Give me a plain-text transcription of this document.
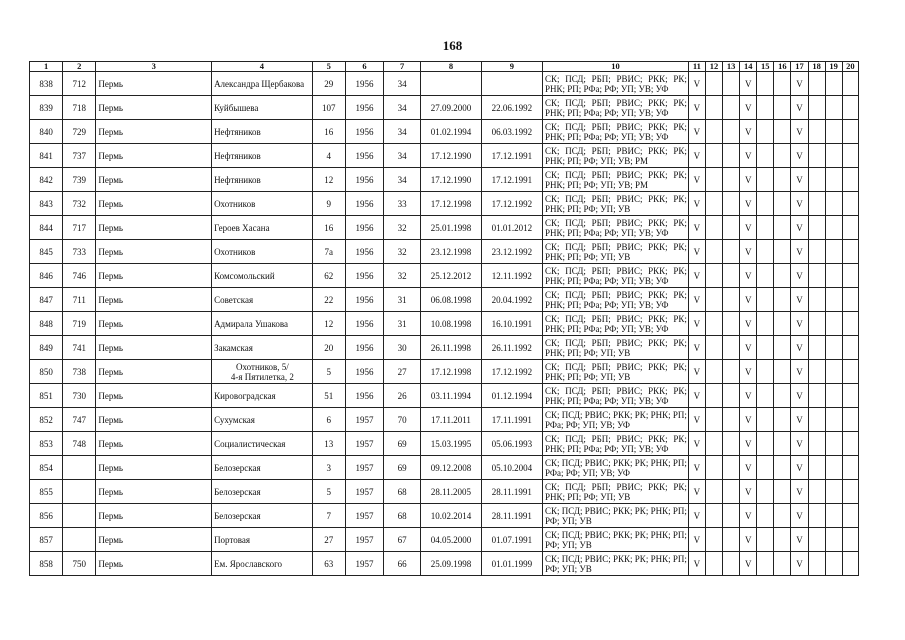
168
1	2	3	4	5	6	7	8	9	10	11	12	13	14	15	16	17	18	19	20
838	712	Пермь	Александра Щербакова	29	1956	34			СК; ПСД; РБП; РВИС; РКК; РК; РНК; РП; РФа; РФ; УП; УВ; УФ	V			V			V			
839	718	Пермь	Куйбышева	107	1956	34	27.09.2000	22.06.1992	СК; ПСД; РБП; РВИС; РКК; РК; РНК; РП; РФа; РФ; УП; УВ; УФ	V			V			V			
840	729	Пермь	Нефтяников	16	1956	34	01.02.1994	06.03.1992	СК; ПСД; РБП; РВИС; РКК; РК; РНК; РП; РФа; РФ; УП; УВ; УФ	V			V			V			
841	737	Пермь	Нефтяников	4	1956	34	17.12.1990	17.12.1991	СК; ПСД; РБП; РВИС; РКК; РК; РНК; РП; РФ; УП; УВ; РМ	V			V			V			
842	739	Пермь	Нефтяников	12	1956	34	17.12.1990	17.12.1991	СК; ПСД; РБП; РВИС; РКК; РК; РНК; РП; РФ; УП; УВ; РМ	V			V			V			
843	732	Пермь	Охотников	9	1956	33	17.12.1998	17.12.1992	СК; ПСД; РБП; РВИС; РКК; РК; РНК; РП; РФ; УП; УВ	V			V			V			
844	717	Пермь	Героев Хасана	16	1956	32	25.01.1998	01.01.2012	СК; ПСД; РБП; РВИС; РКК; РК; РНК; РП; РФа; РФ; УП; УВ; УФ	V			V			V			
845	733	Пермь	Охотников	7а	1956	32	23.12.1998	23.12.1992	СК; ПСД; РБП; РВИС; РКК; РК; РНК; РП; РФ; УП; УВ	V			V			V			
846	746	Пермь	Комсомольский	62	1956	32	25.12.2012	12.11.1992	СК; ПСД; РБП; РВИС; РКК; РК; РНК; РП; РФа; РФ; УП; УВ; УФ	V			V			V			
847	711	Пермь	Советская	22	1956	31	06.08.1998	20.04.1992	СК; ПСД; РБП; РВИС; РКК; РК; РНК; РП; РФа; РФ; УП; УВ; УФ	V			V			V			
848	719	Пермь	Адмирала Ушакова	12	1956	31	10.08.1998	16.10.1991	СК; ПСД; РБП; РВИС; РКК; РК; РНК; РП; РФа; РФ; УП; УВ; УФ	V			V			V			
849	741	Пермь	Закамская	20	1956	30	26.11.1998	26.11.1992	СК; ПСД; РБП; РВИС; РКК; РК; РНК; РП; РФ; УП; УВ	V			V			V			
850	738	Пермь	Охотников, 5/
4-я Пятилетка, 2	5	1956	27	17.12.1998	17.12.1992	СК; ПСД; РБП; РВИС; РКК; РК; РНК; РП; РФ; УП; УВ	V			V			V			
851	730	Пермь	Кировоградская	51	1956	26	03.11.1994	01.12.1994	СК; ПСД; РБП; РВИС; РКК; РК; РНК; РП; РФа; РФ; УП; УВ; УФ	V			V			V			
852	747	Пермь	Сухумская	6	1957	70	17.11.2011	17.11.1991	СК; ПСД; РВИС; РКК; РК; РНК; РП; РФа; РФ; УП; УВ; УФ	V			V			V			
853	748	Пермь	Социалистическая	13	1957	69	15.03.1995	05.06.1993	СК; ПСД; РБП; РВИС; РКК; РК; РНК; РП; РФа; РФ; УП; УВ; УФ	V			V			V			
854		Пермь	Белозерская	3	1957	69	09.12.2008	05.10.2004	СК; ПСД; РВИС; РКК; РК; РНК; РП; РФа; РФ; УП; УВ; УФ	V			V			V			
855		Пермь	Белозерская	5	1957	68	28.11.2005	28.11.1991	СК; ПСД; РБП; РВИС; РКК; РК; РНК; РП; РФ; УП; УВ	V			V			V			
856		Пермь	Белозерская	7	1957	68	10.02.2014	28.11.1991	СК; ПСД; РВИС; РКК; РК; РНК; РП; РФ; УП; УВ	V			V			V			
857		Пермь	Портовая	27	1957	67	04.05.2000	01.07.1991	СК; ПСД; РВИС; РКК; РК; РНК; РП; РФ; УП; УВ	V			V			V			
858	750	Пермь	Ем. Ярославского	63	1957	66	25.09.1998	01.01.1999	СК; ПСД; РВИС; РКК; РК; РНК; РП; РФ; УП; УВ	V			V			V			
